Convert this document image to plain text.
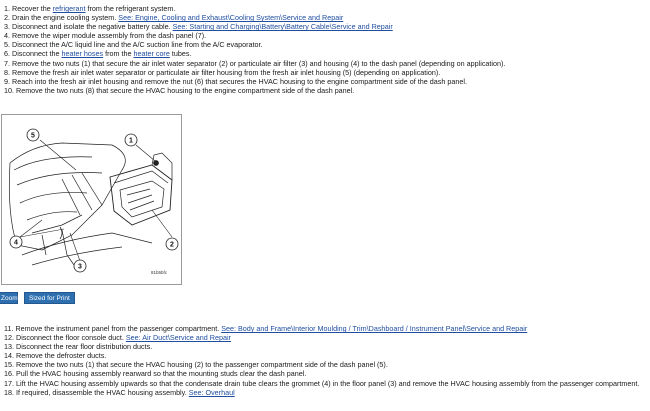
1. Recover the refrigerant from the refrigerant system.
2. Drain the engine cooling system. See: Engine, Cooling and Exhaust\Cooling System\Service and Repair
3. Disconnect and isolate the negative battery cable. See: Starting and Charging\Battery\Battery Cable\Service and Repair
4. Remove the wiper module assembly from the dash panel (7).
5. Disconnect the A/C liquid line and the A/C suction line from the A/C evaporator.
6. Disconnect the heater hoses from the heater core tubes.
7. Remove the two nuts (1) that secure the air inlet water separator (2) or particulate air filter (3) and housing (4) to the dash panel (depending on application).
8. Remove the fresh air inlet water separator or particulate air filter housing from the fresh air inlet housing (5) (depending on application).
9. Reach into the fresh air inlet housing and remove the nut (6) that secures the HVAC housing to the engine compartment side of the dash panel.
10. Remove the two nuts (8) that secure the HVAC housing to the engine compartment side of the dash panel.
5
1
2
4
3
81b5bfc
Zoom	Sized for Print
11. Remove the instrument panel from the passenger compartment. See: Body and Frame\Interior Moulding / Trim\Dashboard / Instrument Panel\Service and Repair
12. Disconnect the floor console duct. See: Air Duct\Service and Repair
13. Disconnect the rear floor distribution ducts.
14. Remove the defroster ducts.
15. Remove the two nuts (1) that secure the HVAC housing (2) to the passenger compartment side of the dash panel (5).
16. Pull the HVAC housing assembly rearward so that the mounting studs clear the dash panel.
17. Lift the HVAC housing assembly upwards so that the condensate drain tube clears the grommet (4) in the floor panel (3) and remove the HVAC housing assembly from the passenger compartment.
18. If required, disassemble the HVAC housing assembly. See: Overhaul
